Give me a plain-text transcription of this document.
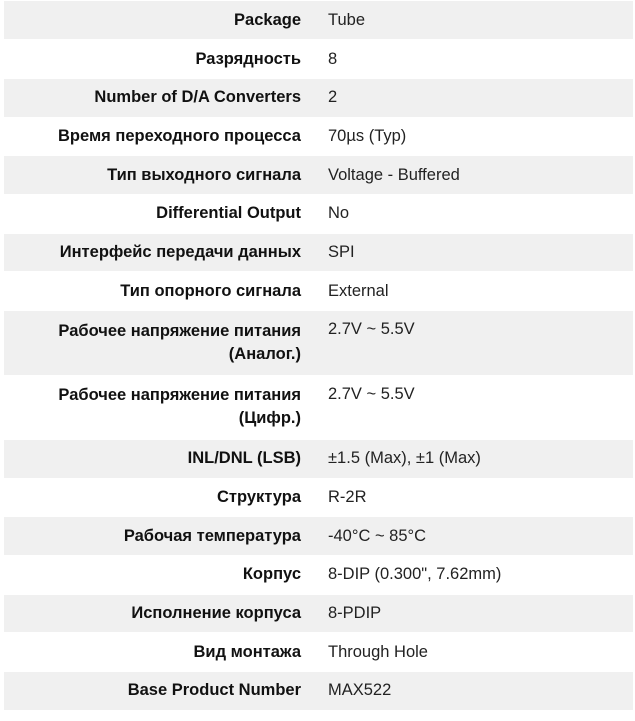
Package	Tube
Разрядность	8
Number of D/A Converters	2
Время переходного процесса	70µs (Typ)
Тип выходного сигнала	Voltage - Buffered
Differential Output	No
Интерфейс передачи данных	SPI
Тип опорного сигнала	External
Рабочее напряжение питания
(Аналог.)	2.7V ~ 5.5V
Рабочее напряжение питания
(Цифр.)	2.7V ~ 5.5V
INL/DNL (LSB)	±1.5 (Max), ±1 (Max)
Структура	R-2R
Рабочая температура	-40°C ~ 85°C
Корпус	8-DIP (0.300", 7.62mm)
Исполнение корпуса	8-PDIP
Вид монтажа	Through Hole
Base Product Number	MAX522
